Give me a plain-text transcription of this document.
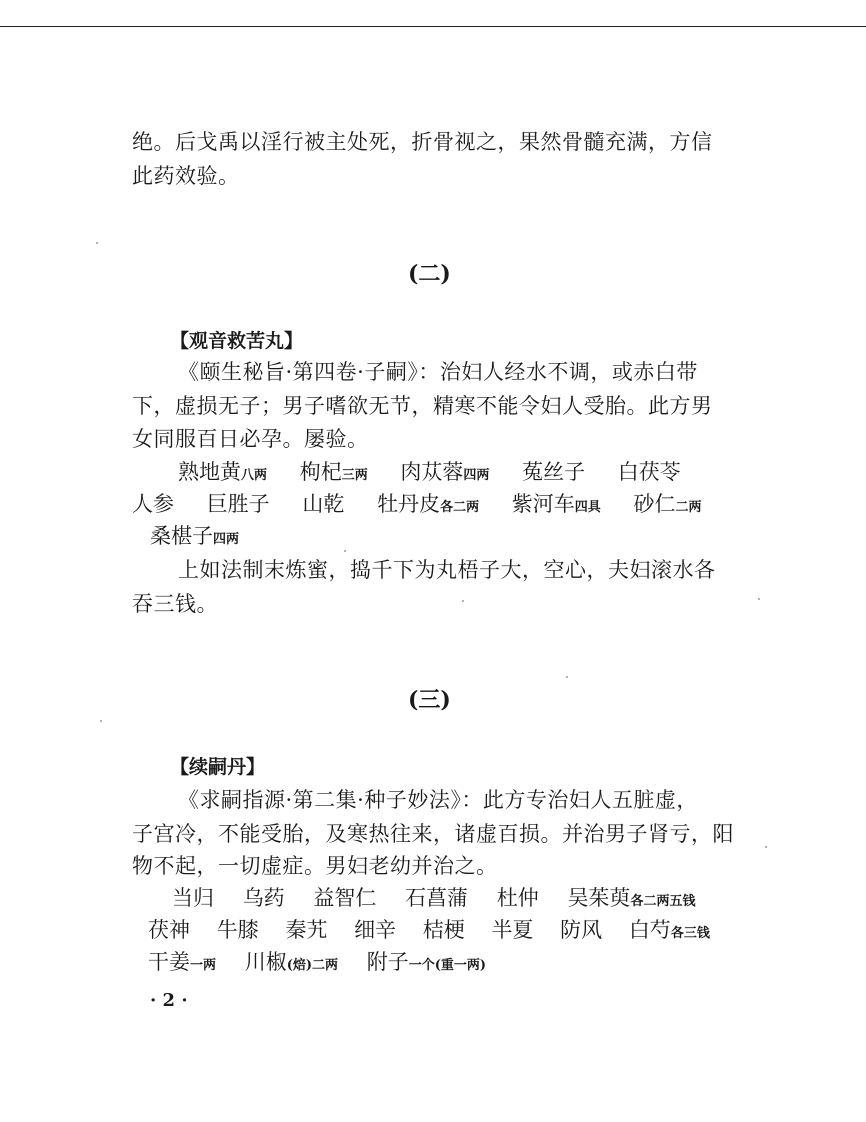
绝。后戈禹以淫行被主处死，折骨视之，果然骨髓充满，方信
此药效验。
(二)
【观音救苦丸】
《颐生秘旨·第四卷·子嗣》：治妇人经水不调，或赤白带
下，虚损无子；男子嗜欲无节，精寒不能令妇人受胎。此方男
女同服百日必孕。屡验。
熟地黄八两 枸杞三两 肉苁蓉四两 菟丝子 白茯苓
人参 巨胜子 山乾 牡丹皮各二两 紫河车四具 砂仁二两
桑椹子四两
上如法制末炼蜜，捣千下为丸梧子大，空心，夫妇滚水各
吞三钱。
(三)
【续嗣丹】
《求嗣指源·第二集·种子妙法》：此方专治妇人五脏虚，
子宫冷，不能受胎，及寒热往来，诸虚百损。并治男子肾亏，阳
物不起，一切虚症。男妇老幼并治之。
当归 乌药 益智仁 石菖蒲 杜仲 吴茱萸各二两五钱
茯神 牛膝 秦艽 细辛 桔梗 半夏 防风 白芍各三钱
干姜一两 川椒(焙)二两 附子一个(重一两)
· 2 ·
